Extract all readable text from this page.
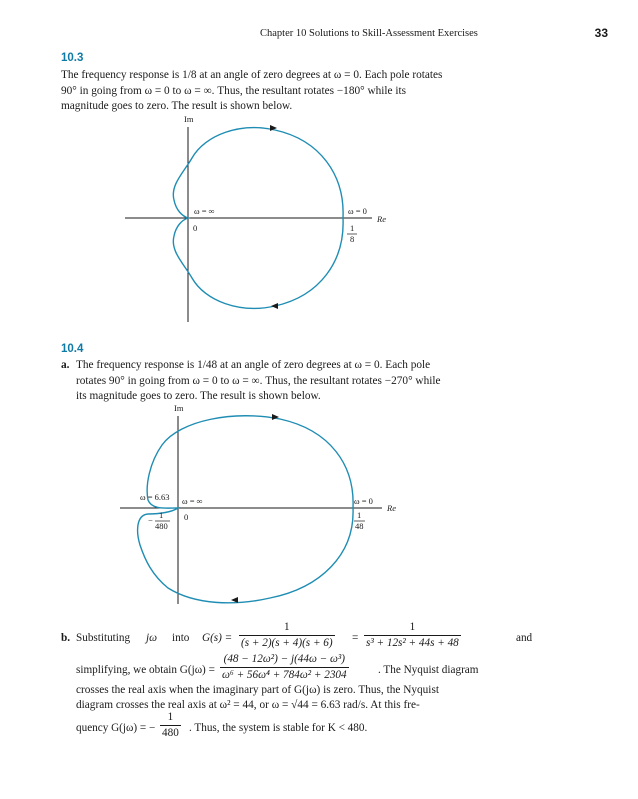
Chapter 10 Solutions to Skill-Assessment Exercises	33
10.3
The frequency response is 1/8 at an angle of zero degrees at ω = 0. Each pole rotates
90° in going from ω = 0 to ω = ∞. Thus, the resultant rotates −180° while its
magnitude goes to zero. The result is shown below.
Im
Re
ω = ∞
0
ω = 0
1
8
10.4
a. The frequency response is 1/48 at an angle of zero degrees at ω = 0. Each pole
rotates 90° in going from ω = 0 to ω = ∞. Thus, the resultant rotates −270° while
its magnitude goes to zero. The result is shown below.
Im
Re
ω = 6.63 ω = ∞
0
ω = 0
− 1
480
1
48
b. Substituting jω into $G(s) = \frac{1}{(s + 2)(s + 4)(s + 6)} = \frac{1}{\text{s³ + 12s² + 44s + 48}}$	and
simplifying, we obtain $G(j\omega) = \frac{\text{(48 − 12ω²) − j(44ω − ω³)}}{\text{ω⁶ + 56ω⁴ + 784ω² + 2304}}$	. The Nyquist diagram
crosses the real axis when the imaginary part of G(jω) is zero. Thus, the Nyquist
diagram crosses the real axis at ω² = 44, or ω = √44 = 6.63 rad/s. At this fre-
quency G(jω) = − $\frac{1}{480}$ . Thus, the system is stable for K < 480.
